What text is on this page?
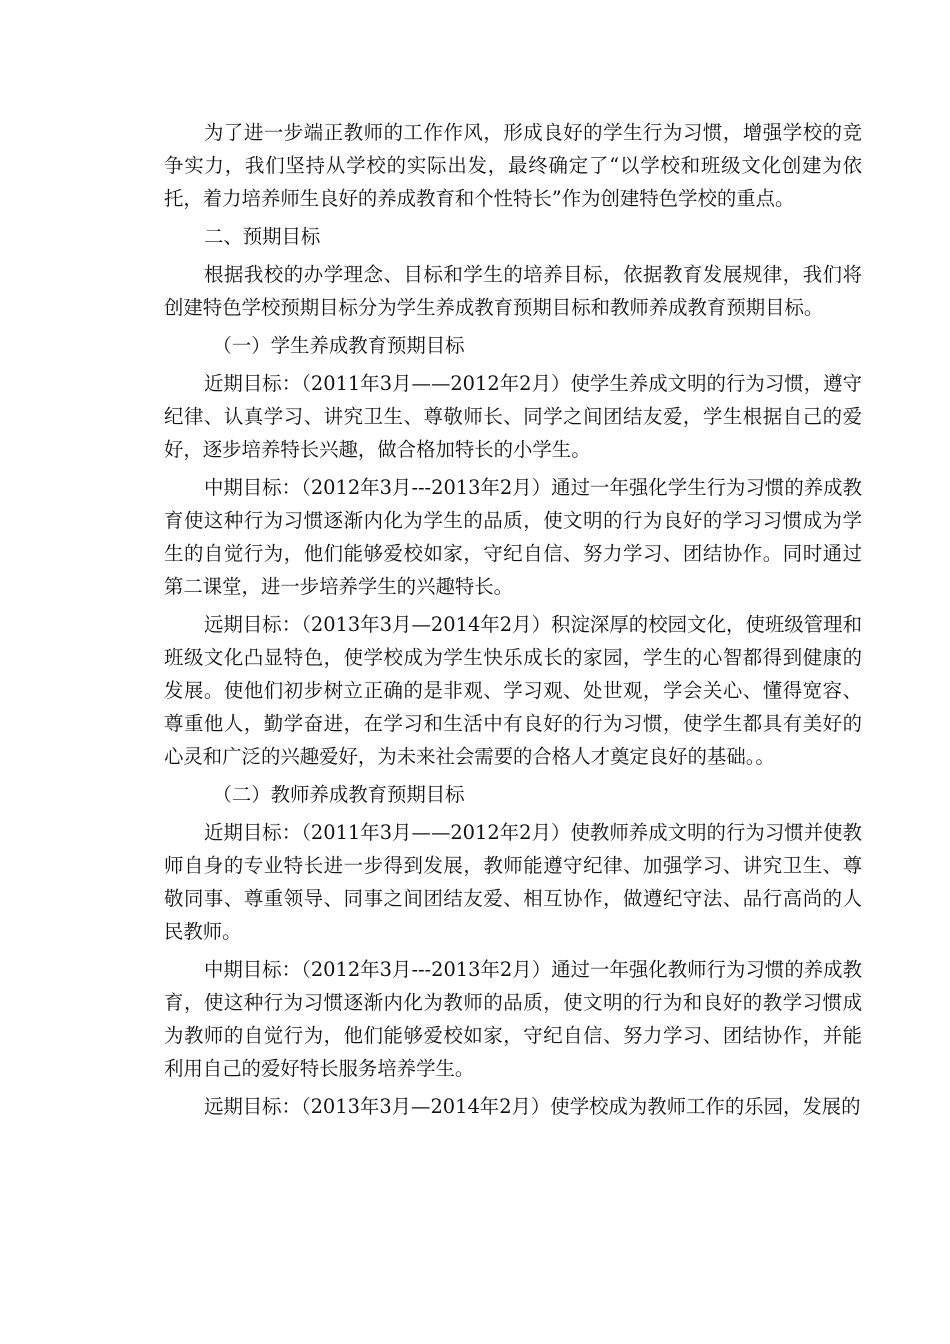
为了进一步端正教师的工作作风，形成良好的学生行为习惯，增强学校的竞争实力，我们坚持从学校的实际出发，最终确定了“以学校和班级文化创建为依托，着力培养师生良好的养成教育和个性特长”作为创建特色学校的重点。

二、预期目标

根据我校的办学理念、目标和学生的培养目标，依据教育发展规律，我们将创建特色学校预期目标分为学生养成教育预期目标和教师养成教育预期目标。

（一）学生养成教育预期目标

近期目标：（2011年3月——2012年2月）使学生养成文明的行为习惯，遵守纪律、认真学习、讲究卫生、尊敬师长、同学之间团结友爱，学生根据自己的爱好，逐步培养特长兴趣，做合格加特长的小学生。

中期目标：（2012年3月---2013年2月）通过一年强化学生行为习惯的养成教育使这种行为习惯逐渐内化为学生的品质，使文明的行为良好的学习习惯成为学生的自觉行为，他们能够爱校如家，守纪自信、努力学习、团结协作。同时通过第二课堂，进一步培养学生的兴趣特长。

远期目标：（2013年3月—2014年2月）积淀深厚的校园文化，使班级管理和班级文化凸显特色，使学校成为学生快乐成长的家园，学生的心智都得到健康的发展。使他们初步树立正确的是非观、学习观、处世观，学会关心、懂得宽容、尊重他人，勤学奋进，在学习和生活中有良好的行为习惯，使学生都具有美好的心灵和广泛的兴趣爱好，为未来社会需要的合格人才奠定良好的基础。。

（二）教师养成教育预期目标

近期目标：（2011年3月——2012年2月）使教师养成文明的行为习惯并使教师自身的专业特长进一步得到发展，教师能遵守纪律、加强学习、讲究卫生、尊敬同事、尊重领导、同事之间团结友爱、相互协作，做遵纪守法、品行高尚的人民教师。

中期目标：（2012年3月---2013年2月）通过一年强化教师行为习惯的养成教育，使这种行为习惯逐渐内化为教师的品质，使文明的行为和良好的教学习惯成为教师的自觉行为，他们能够爱校如家，守纪自信、努力学习、团结协作，并能利用自己的爱好特长服务培养学生。

远期目标：（2013年3月—2014年2月）使学校成为教师工作的乐园，发展的
